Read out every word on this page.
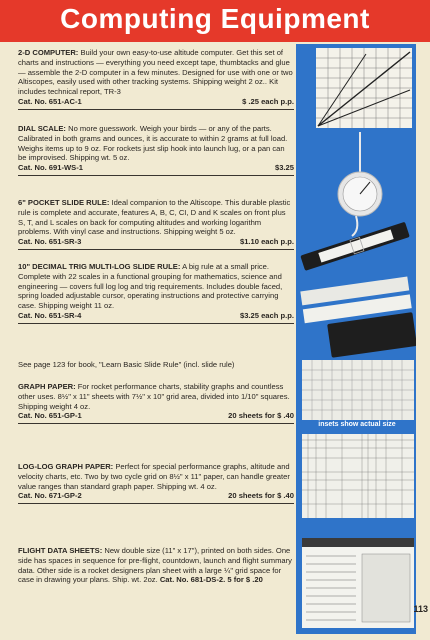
Computing Equipment

2-D COMPUTER: Build your own easy-to-use altitude computer. Get this set of charts and instructions — everything you need except tape, thumbtacks and glue — assemble the 2-D computer in a few minutes. Designed for use with one or two Altiscopes, easily used with other tracking systems. Shipping weight 2 oz.. Kit includes technical report, TR-3

Cat. No. 651-AC-1	$ .25 each p.p.

DIAL SCALE: No more guesswork. Weigh your birds — or any of the parts. Calibrated in both grams and ounces, it is accurate to within 2 grams at full load. Weighs items up to 9 oz. For rockets just slip hook into launch lug, or a pan can be improvised. Shipping wt. 5 oz.

Cat. No. 691-WS-1	$3.25

6" POCKET SLIDE RULE: Ideal companion to the Altiscope. This durable plastic rule is complete and accurate, features A, B, C, CI, D and K scales on front plus S, T, and L scales on back for computing altitudes and working logarithm problems. With vinyl case and instructions. Shipping weight 5 oz.

Cat. No. 651-SR-3	$1.10 each p.p.

10" DECIMAL TRIG MULTI-LOG SLIDE RULE: A big rule at a small price. Complete with 22 scales in a functional grouping for mathematics, science and engineering — covers full log log and trig requirements. Includes double faced, spring loaded adjustable cursor, operating instructions and protective carrying case. Shipping weight 11 oz.

Cat. No. 651-SR-4	$3.25 each p.p.

See page 123 for book, "Learn Basic Slide Rule" (incl. slide rule)

GRAPH PAPER: For rocket performance charts, stability graphs and countless other uses. 8½" x 11" sheets with 7½" x 10" grid area, divided into 1/10" squares. Shipping weight 4 oz.

Cat. No. 651-GP-1	20 sheets for $ .40

LOG-LOG GRAPH PAPER: Perfect for special performance graphs, altitude and velocity charts, etc. Two by two cycle grid on 8½" x 11" paper, can handle greater value ranges than standard graph paper. Shipping wt. 4 oz.

Cat. No. 671-GP-2	20 sheets for $ .40

FLIGHT DATA SHEETS: New double size (11" x 17"), printed on both sides. One side has spaces in sequence for pre-flight, countdown, launch and flight summary data. Other side is a rocket designers plan sheet with a large ¼" grid space for case in drawing your plans. Ship. wt. 2oz. Cat. No. 681-DS-2. 5 for $ .20

insets show actual size
113
